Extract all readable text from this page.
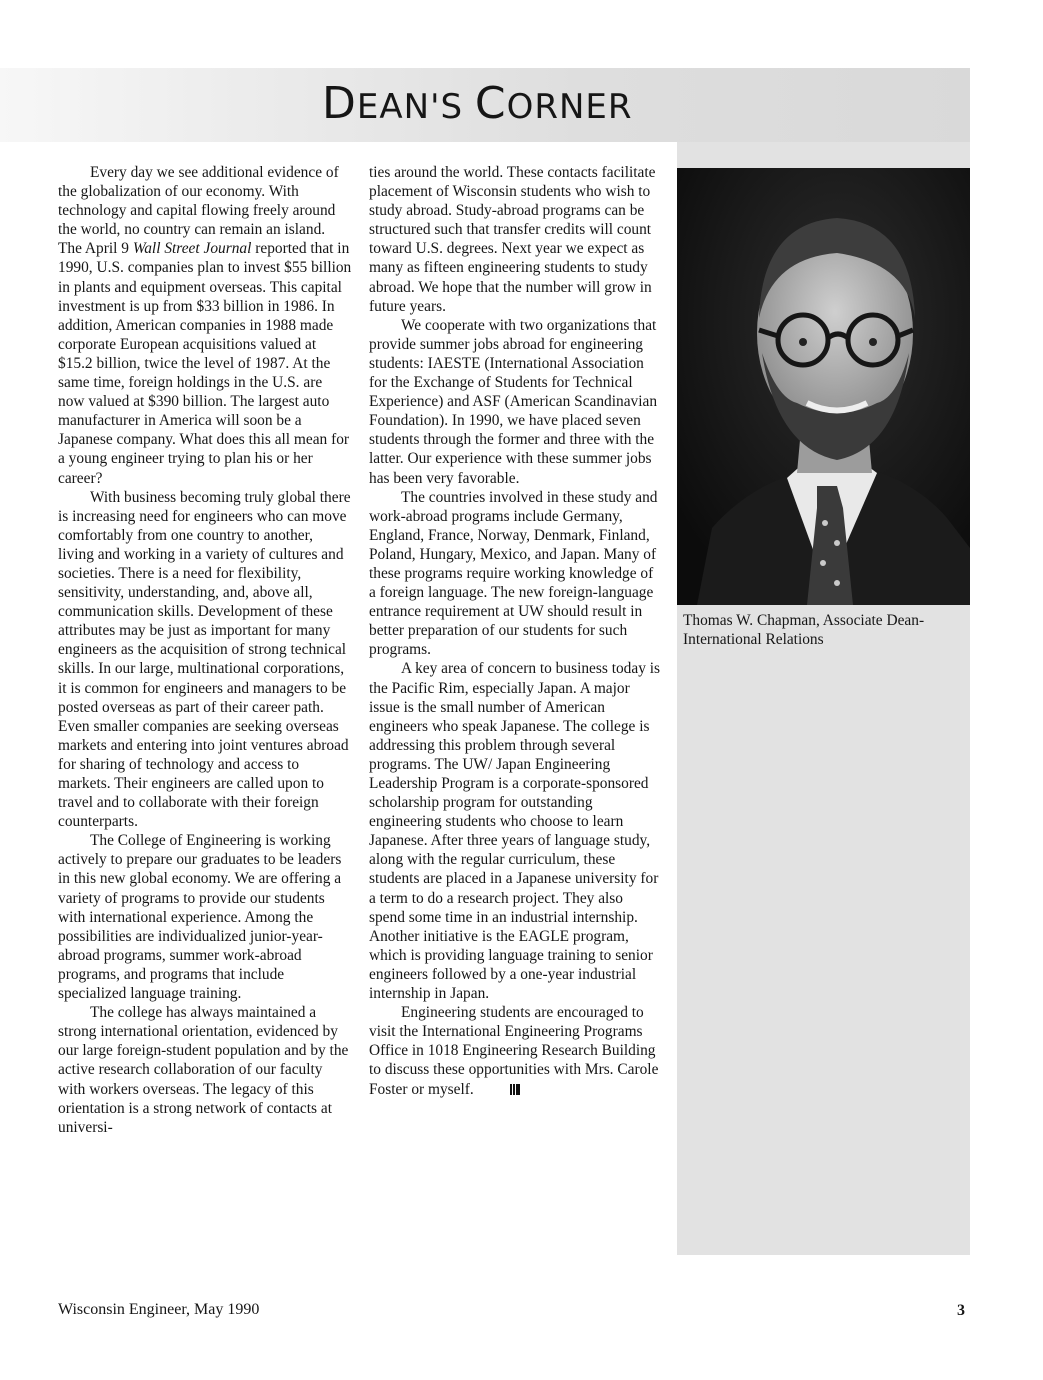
DEAN'S CORNER

Every day we see additional evidence of the globalization of our economy. With technology and capital flowing freely around the world, no country can remain an island. The April 9 Wall Street Journal reported that in 1990, U.S. companies plan to invest $55 billion in plants and equipment overseas. This capital investment is up from $33 billion in 1986. In addition, American companies in 1988 made corporate European acquisitions valued at $15.2 billion, twice the level of 1987. At the same time, foreign holdings in the U.S. are now valued at $390 billion. The largest auto manufacturer in America will soon be a Japanese company. What does this all mean for a young engineer trying to plan his or her career?

With business becoming truly global there is increasing need for engineers who can move comfortably from one country to another, living and working in a variety of cultures and societies. There is a need for flexibility, sensitivity, understanding, and, above all, communication skills. Development of these attributes may be just as important for many engineers as the acquisition of strong technical skills. In our large, multinational corporations, it is common for engineers and managers to be posted overseas as part of their career path. Even smaller companies are seeking overseas markets and entering into joint ventures abroad for sharing of technology and access to markets. Their engineers are called upon to travel and to collaborate with their foreign counterparts.

The College of Engineering is working actively to prepare our graduates to be leaders in this new global economy. We are offering a variety of programs to provide our students with international experience. Among the possibilities are individualized junior-year-abroad programs, summer work-abroad programs, and programs that include specialized language training.

The college has always maintained a strong international orientation, evidenced by our large foreign-student population and by the active research collaboration of our faculty with workers overseas. The legacy of this orientation is a strong network of contacts at universi-

ties around the world. These contacts facilitate placement of Wisconsin students who wish to study abroad. Study-abroad programs can be structured such that transfer credits will count toward U.S. degrees. Next year we expect as many as fifteen engineering students to study abroad. We hope that the number will grow in future years.

We cooperate with two organizations that provide summer jobs abroad for engineering students: IAESTE (International Association for the Exchange of Students for Technical Experience) and ASF (American Scandinavian Foundation). In 1990, we have placed seven students through the former and three with the latter. Our experience with these summer jobs has been very favorable.

The countries involved in these study and work-abroad programs include Germany, England, France, Norway, Denmark, Finland, Poland, Hungary, Mexico, and Japan. Many of these programs require working knowledge of a foreign language. The new foreign-language entrance requirement at UW should result in better preparation of our students for such programs.

A key area of concern to business today is the Pacific Rim, especially Japan. A major issue is the small number of American engineers who speak Japanese. The college is addressing this problem through several programs. The UW/ Japan Engineering Leadership Program is a corporate-sponsored scholarship program for outstanding engineering students who choose to learn Japanese. After three years of language study, along with the regular curriculum, these students are placed in a Japanese university for a term to do a research project. They also spend some time in an industrial internship. Another initiative is the EAGLE program, which is providing language training to senior engineers followed by a one-year industrial internship in Japan.

Engineering students are encouraged to visit the International Engineering Programs Office in 1018 Engineering Research Building to discuss these opportunities with Mrs. Carole Foster or myself.

Thomas W. Chapman, Associate Dean-
International Relations

Wisconsin Engineer, May 1990	3
